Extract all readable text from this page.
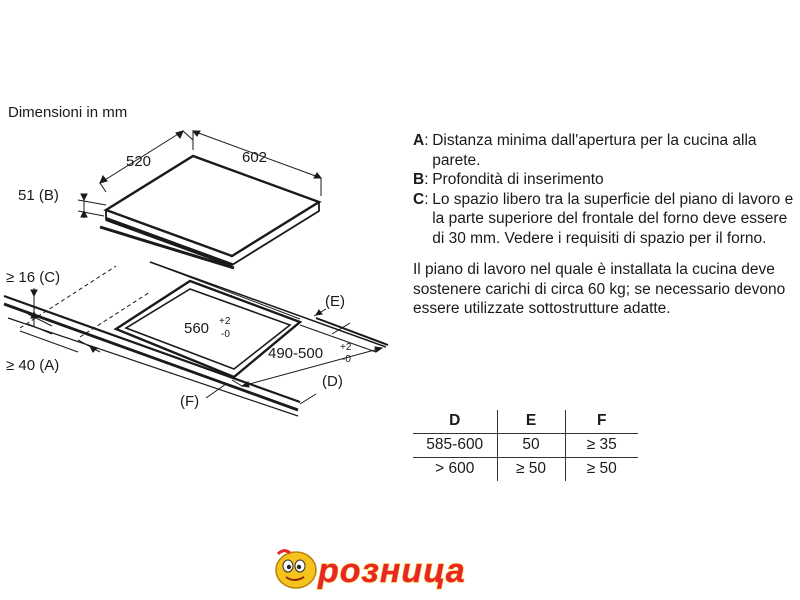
Dimensioni in mm
520	602
51 (B)
≥ 16 (C)
≥ 40 (A)
560 +2
-0
490-500 +2
-0
(E)
(D)
(F)
A : Distanza minima dall'apertura per la cucina alla parete.
B : Profondità di inserimento
C : Lo spazio libero tra la superficie del piano di lavoro e la parte superiore del frontale del forno deve essere di 30 mm. Vedere i requisiti di spazio per il forno.
Il piano di lavoro nel quale è installata la cucina deve sostenere carichi di circa 60 kg; se necessario devono essere utilizzate sottostrutture adatte.
D	E	F
585-600	50	≥ 35
> 600	≥ 50	≥ 50
розница
